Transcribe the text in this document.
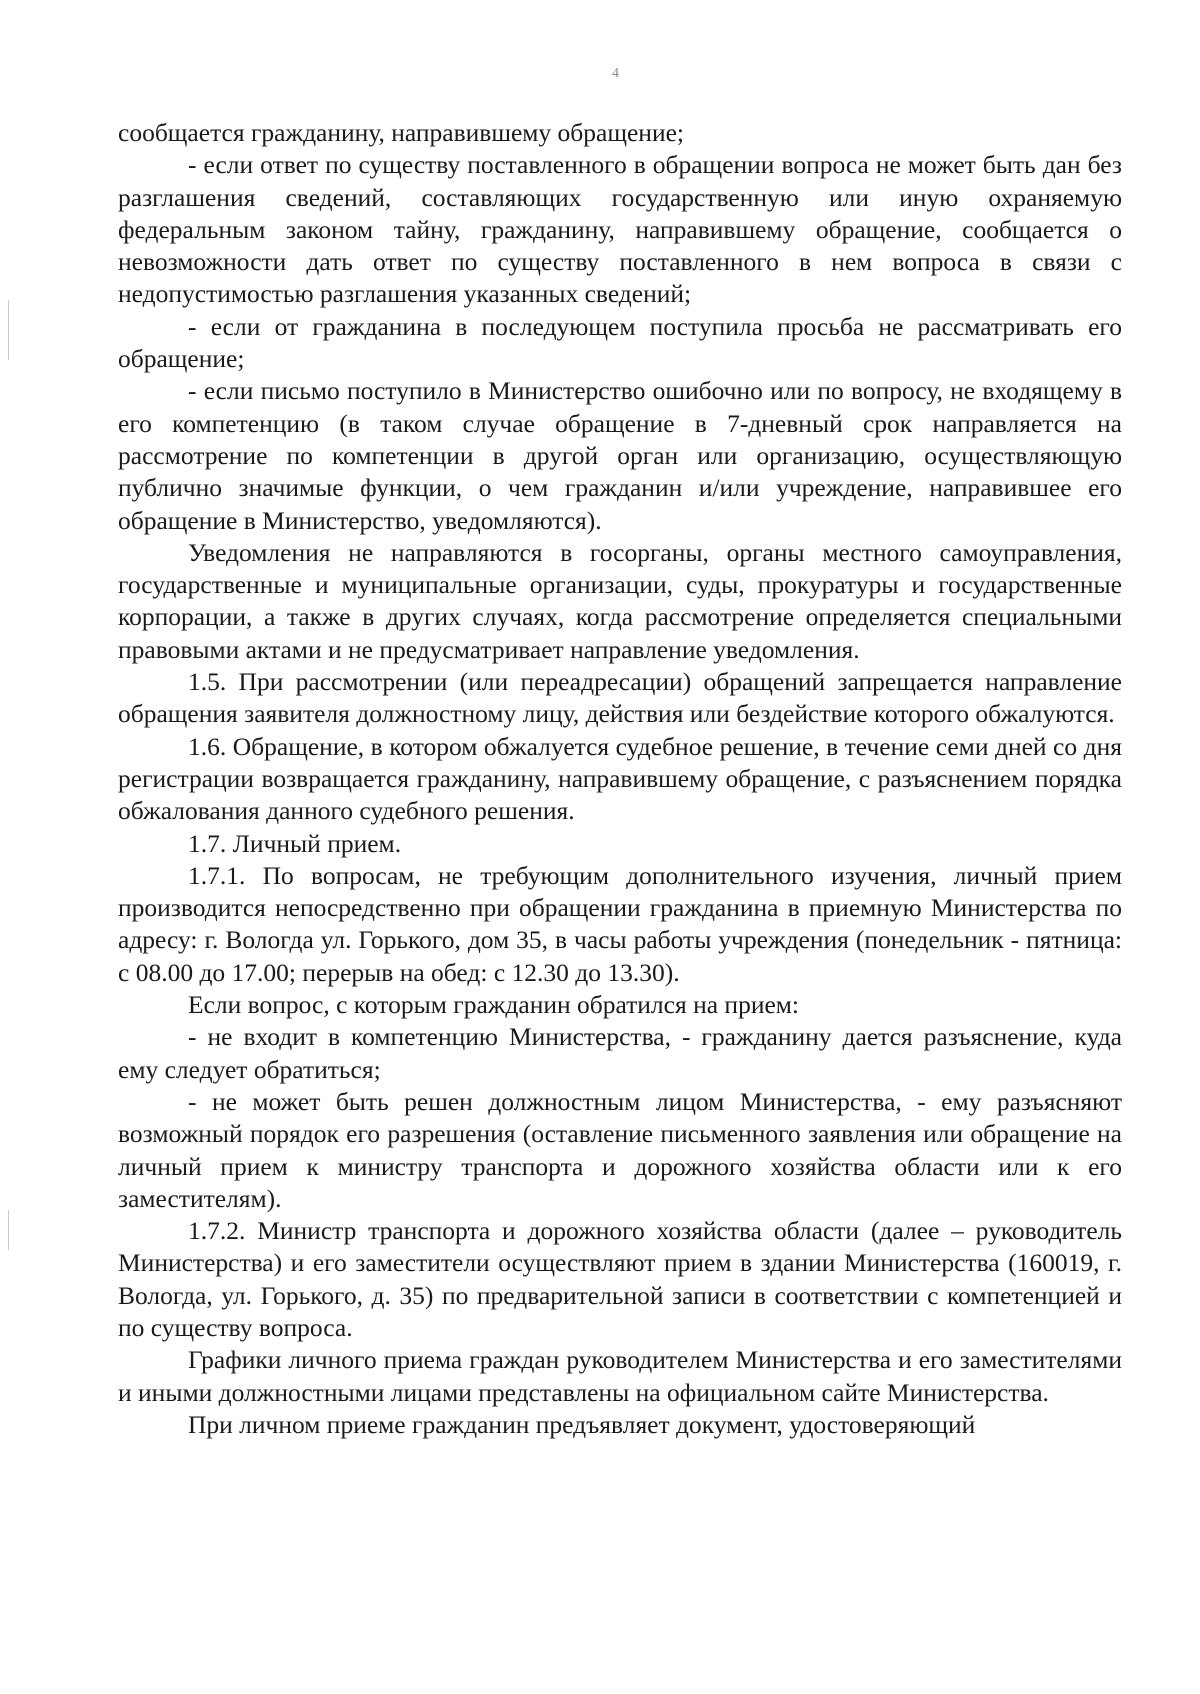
4

сообщается гражданину, направившему обращение;

- если ответ по существу поставленного в обращении вопроса не может быть дан без разглашения сведений, составляющих государственную или иную охраняемую федеральным законом тайну, гражданину, направившему обращение, сообщается о невозможности дать ответ по существу поставленного в нем вопроса в связи с недопустимостью разглашения указанных сведений;

- если от гражданина в последующем поступила просьба не рассматривать его обращение;

- если письмо поступило в Министерство ошибочно или по вопросу, не входящему в его компетенцию (в таком случае обращение в 7-дневный срок направляется на рассмотрение по компетенции в другой орган или организацию, осуществляющую публично значимые функции, о чем гражданин и/или учреждение, направившее его обращение в Министерство, уведомляются).

Уведомления не направляются в госорганы, органы местного самоуправления, государственные и муниципальные организации, суды, прокуратуры и государственные корпорации, а также в других случаях, когда рассмотрение определяется специальными правовыми актами и не предусматривает направление уведомления.

1.5. При рассмотрении (или переадресации) обращений запрещается направление обращения заявителя должностному лицу, действия или бездействие которого обжалуются.

1.6. Обращение, в котором обжалуется судебное решение, в течение семи дней со дня регистрации возвращается гражданину, направившему обращение, с разъяснением порядка обжалования данного судебного решения.

1.7. Личный прием.

1.7.1. По вопросам, не требующим дополнительного изучения, личный прием производится непосредственно при обращении гражданина в приемную Министерства по адресу: г. Вологда ул. Горького, дом 35, в часы работы учреждения (понедельник - пятница: с 08.00 до 17.00; перерыв на обед: с 12.30 до 13.30).

Если вопрос, с которым гражданин обратился на прием:

- не входит в компетенцию Министерства, - гражданину дается разъяснение, куда ему следует обратиться;

- не может быть решен должностным лицом Министерства, - ему разъясняют возможный порядок его разрешения (оставление письменного заявления или обращение на личный прием к министру транспорта и дорожного хозяйства области или к его заместителям).

1.7.2. Министр транспорта и дорожного хозяйства области (далее – руководитель Министерства) и его заместители осуществляют прием в здании Министерства (160019, г. Вологда, ул. Горького, д. 35) по предварительной записи в соответствии с компетенцией и по существу вопроса.

Графики личного приема граждан руководителем Министерства и его заместителями и иными должностными лицами представлены на официальном сайте Министерства.

При личном приеме гражданин предъявляет документ, удостоверяющий
